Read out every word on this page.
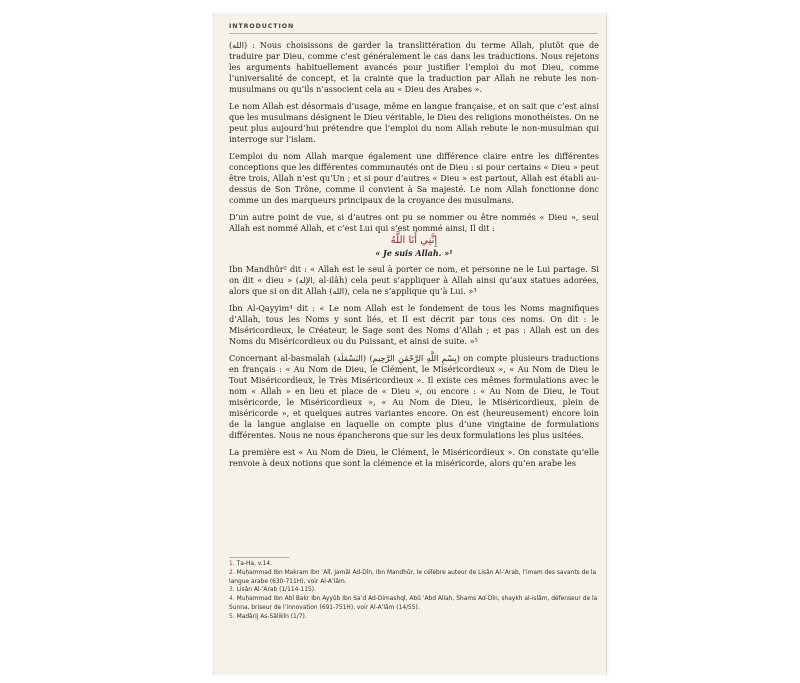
INTRODUCTION

(الله) : Nous choisissons de garder la translittération du terme Allah, plutôt que de traduire par Dieu, comme c’est généralement le cas dans les traductions. Nous rejetons les arguments habituellement avancés pour justifier l’emploi du mot Dieu, comme l’universalité de concept, et la crainte que la traduction par Allah ne rebute les non-musulmans ou qu’ils n’associent cela au « Dieu des Arabes ».

Le nom Allah est désormais d’usage, même en langue française, et on sait que c’est ainsi que les musulmans désignent le Dieu véritable, le Dieu des religions monothéistes. On ne peut plus aujourd’hui prétendre que l’emploi du nom Allah rebute le non-musulman qui interroge sur l’islam.

L’emploi du nom Allah marque également une différence claire entre les différentes conceptions que les différentes communautés ont de Dieu : si pour certains « Dieu » peut être trois, Allah n’est qu’Un ; et si pour d’autres « Dieu » est partout, Allah est établi au-dessus de Son Trône, comme il convient à Sa majesté. Le nom Allah fonctionne donc comme un des marqueurs principaux de la croyance des musulmans.

D’un autre point de vue, si d’autres ont pu se nommer ou être nommés « Dieu », seul Allah est nommé Allah, et c’est Lui qui s’est nommé ainsi, Il dit :

إِنَّنِي أَنَا اللَّهُ
« Je suis Allah. »¹

Ibn Mandhûr² dit : « Allah est le seul à porter ce nom, et personne ne le Lui partage. Si on dit « dieu » (الإله, al-ilâh) cela peut s’appliquer à Allah ainsi qu’aux statues adorées, alors que si on dit Allah (الله), cela ne s’applique qu’à Lui. »³

Ibn Al-Qayyim⁴ dit : « Le nom Allah est le fondement de tous les Noms magnifiques d’Allah, tous les Noms y sont liés, et Il est décrit par tous ces noms. On dit : le Miséricordieux, le Créateur, le Sage sont des Noms d’Allah ; et pas : Allah est un des Noms du Miséricordieux ou du Puissant, et ainsi de suite. »⁵

Concernant al-basmalah (البَسْمَلَة) (بِسْمِ اللَّهِ الرَّحْمَٰنِ الرَّحِيمِ) on compte plusieurs traductions en français : « Au Nom de Dieu, le Clément, le Miséricordieux », « Au Nom de Dieu le Tout Miséricordieux, le Très Miséricordieux ». Il existe ces mêmes formulations avec le nom « Allah » en lieu et place de « Dieu », ou encore : « Au Nom de Dieu, le Tout miséricorde, le Miséricordieux », « Au Nom de Dieu, le Miséricordieux, plein de miséricorde », et quelques autres variantes encore. On est (heureusement) encore loin de la langue anglaise en laquelle on compte plus d’une vingtaine de formulations différentes. Nous ne nous épancherons que sur les deux formulations les plus usitées.

La première est « Au Nom de Dieu, le Clément, le Miséricordieux ». On constate qu’elle renvoie à deux notions que sont la clémence et la miséricorde, alors qu’en arabe les

1. Ṭa-Ha, v.14.

2. Muḥammad Ibn Makram Ibn ʿAlî, Jamâl Ad-Dîn, Ibn Mandhûr, le célèbre auteur de Lisân Al-ʿArab, l’imam des savants de la langue arabe (630-711H), voir Al-Aʿlâm.

3. Lisân Al-ʿArab (1/114-115).

4. Muḥammad Ibn Abî Bakr Ibn Ayyûb Ibn Saʿd Ad-Dimashqî, Abû ʿAbd Allah, Shams Ad-Dîn, shaykh al-islâm, défenseur de la Sunna, briseur de l’innovation (691-751H), voir Al-Aʿlâm (14/55).

5. Madârij As-Sâlikîn (1/7).
